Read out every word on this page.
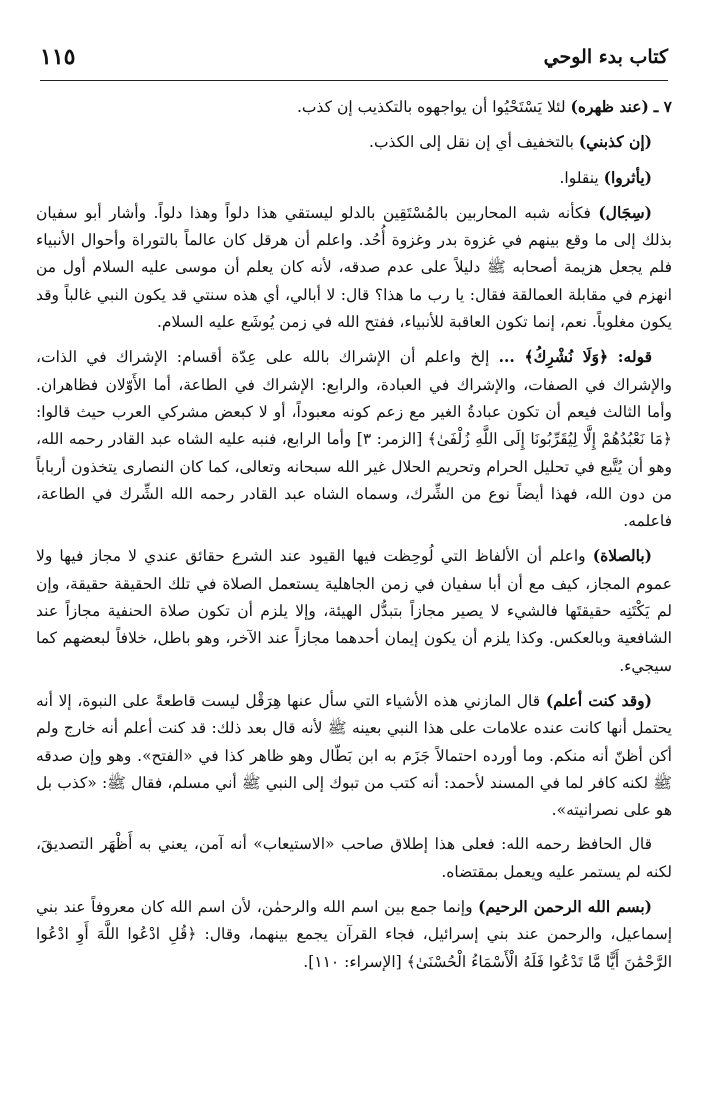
١١٥	كتاب بدء الوحي

٧ ـ (عند ظهره) لئلا يَسْتَحْيُوا أن يواجهوه بالتكذيب إن كذب.

(إن كذبني) بالتخفيف أي إن نقل إلى الكذب.

(يأثروا) ينقلوا.

(سِجَال) فكأنه شبه المحاربين بالمُسْتَقِين بالدلو ليستقي هذا دلواً وهذا دلواً. وأشار أبو سفيان بذلك إلى ما وقع بينهم في غزوة بدر وغزوة أُحُد. واعلم أن هرقل كان عالماً بالتوراة وأحوال الأنبياء فلم يجعل هزيمة أصحابه ﷺ دليلاً على عدم صدقه، لأنه كان يعلم أن موسى عليه السلام أول من انهزم في مقابلة العمالقة فقال: يا رب ما هذا؟ قال: لا أبالي، أي هذه سنتي قد يكون النبي غالباً وقد يكون مغلوباً. نعم، إنما تكون العاقبة للأنبياء، ففتح الله في زمن يُوشَع عليه السلام.

قوله: ﴿وَلَا نُشْرِكُ﴾ ... إلخ واعلم أن الإشراك بالله على عِدّة أقسام: الإشراك في الذات، والإشراك في الصفات، والإشراك في العبادة، والرابع: الإشراك في الطاعة، أما الأَوّلان فظاهران. وأما الثالث فيعم أن تكون عبادةُ الغير مع زعم كونه معبوداً، أو لا كبعض مشركي العرب حيث قالوا: ﴿مَا نَعْبُدُهُمْ إِلَّا لِيُقَرِّبُونَا إِلَى اللَّهِ زُلْفَىٰ﴾ [الزمر: ٣] وأما الرابع، فنبه عليه الشاه عبد القادر رحمه الله، وهو أن يُتَّبع في تحليل الحرام وتحريم الحلال غير الله سبحانه وتعالى، كما كان النصارى يتخذون أرباباً من دون الله، فهذا أيضاً نوع من الشِّرك، وسماه الشاه عبد القادر رحمه الله الشِّرك في الطاعة، فاعلمه.

(بالصلاة) واعلم أن الألفاظ التي لُوحِظت فيها القيود عند الشرع حقائق عندي لا مجاز فيها ولا عموم المجاز، كيف مع أن أبا سفيان في زمن الجاهلية يستعمل الصلاة في تلك الحقيقة حقيقة، وإن لم يَكْتَنِه حقيقتَها فالشيء لا يصير مجازاً بتبدُّل الهيئة، وإلا يلزم أن تكون صلاة الحنفية مجازاً عند الشافعية وبالعكس. وكذا يلزم أن يكون إيمان أحدهما مجازاً عند الآخر، وهو باطل، خلافاً لبعضهم كما سيجيء.

(وقد كنت أعلم) قال المازني هذه الأشياء التي سأل عنها هِرَقْل ليست قاطعةً على النبوة، إلا أنه يحتمل أنها كانت عنده علامات على هذا النبي بعينه ﷺ لأنه قال بعد ذلك: قد كنت أعلم أنه خارج ولم أكن أظنّ أنه منكم. وما أورده احتمالاً جَزَم به ابن بَطّال وهو ظاهر كذا في «الفتح». وهو وإن صدقه ﷺ لكنه كافر لما في المسند لأحمد: أنه كتب من تبوك إلى النبي ﷺ أني مسلم، فقال ﷺ: «كذب بل هو على نصرانيته».

قال الحافظ رحمه الله: فعلى هذا إطلاق صاحب «الاستيعاب» أنه آمن، يعني به أَظْهَر التصديقَ، لكنه لم يستمر عليه ويعمل بمقتضاه.

(بسم الله الرحمن الرحيم) وإنما جمع بين اسم الله والرحمٰن، لأن اسم الله كان معروفاً عند بني إسماعيل، والرحمن عند بني إسرائيل، فجاء القرآن يجمع بينهما، وقال: ﴿قُلِ ادْعُوا اللَّهَ أَوِ ادْعُوا الرَّحْمَٰنَ أَيًّا مَّا تَدْعُوا فَلَهُ الْأَسْمَاءُ الْحُسْنَىٰ﴾ [الإسراء: ١١٠].
